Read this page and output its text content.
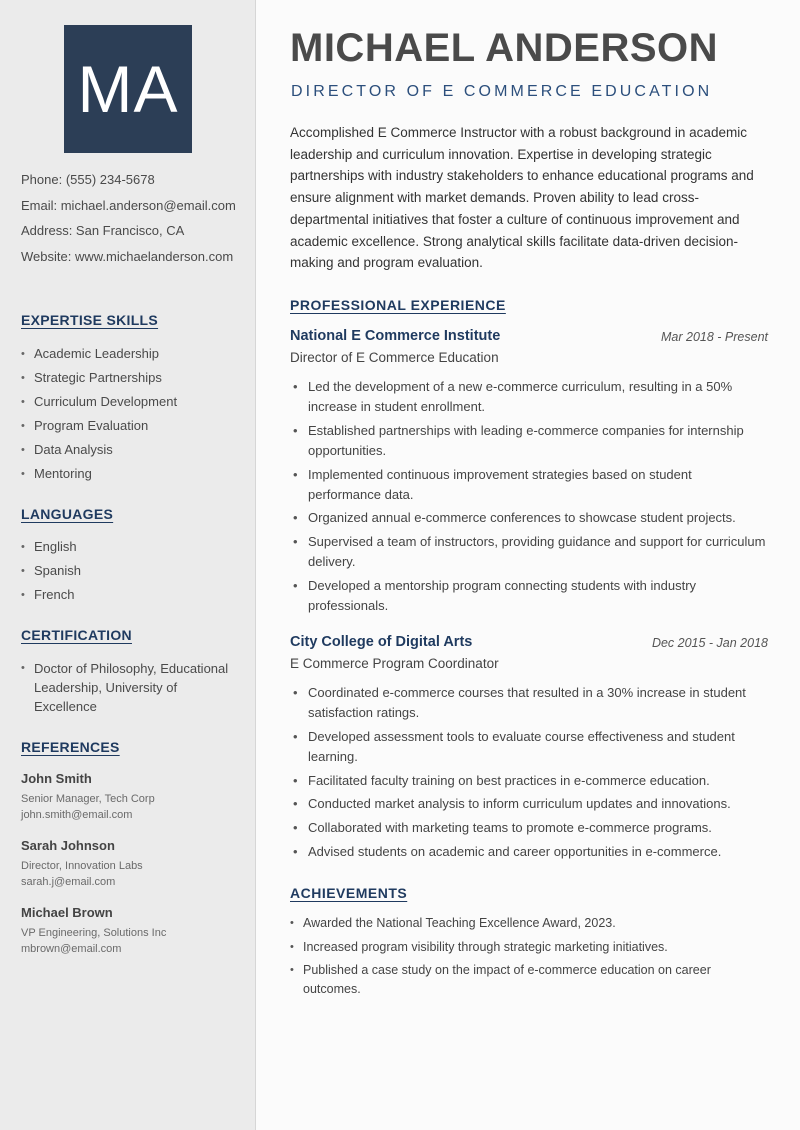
MA
Phone: (555) 234-5678
Email: michael.anderson@email.com
Address: San Francisco, CA
Website: www.michaelanderson.com
EXPERTISE SKILLS
• Academic Leadership
• Strategic Partnerships
• Curriculum Development
• Program Evaluation
• Data Analysis
• Mentoring
LANGUAGES
• English
• Spanish
• French
CERTIFICATION
• Doctor of Philosophy, Educational Leadership, University of Excellence
REFERENCES
John Smith
Senior Manager, Tech Corp
john.smith@email.com
Sarah Johnson
Director, Innovation Labs
sarah.j@email.com
Michael Brown
VP Engineering, Solutions Inc
mbrown@email.com
MICHAEL ANDERSON
DIRECTOR OF E COMMERCE EDUCATION

Accomplished E Commerce Instructor with a robust background in academic leadership and curriculum innovation. Expertise in developing strategic partnerships with industry stakeholders to enhance educational programs and ensure alignment with market demands. Proven ability to lead cross-departmental initiatives that foster a culture of continuous improvement and academic excellence. Strong analytical skills facilitate data-driven decision-making and program evaluation.

PROFESSIONAL EXPERIENCE
National E Commerce Institute	Mar 2018 - Present
Director of E Commerce Education
• Led the development of a new e-commerce curriculum, resulting in a 50% increase in student enrollment.
• Established partnerships with leading e-commerce companies for internship opportunities.
• Implemented continuous improvement strategies based on student performance data.
• Organized annual e-commerce conferences to showcase student projects.
• Supervised a team of instructors, providing guidance and support for curriculum delivery.
• Developed a mentorship program connecting students with industry professionals.
City College of Digital Arts	Dec 2015 - Jan 2018
E Commerce Program Coordinator
• Coordinated e-commerce courses that resulted in a 30% increase in student satisfaction ratings.
• Developed assessment tools to evaluate course effectiveness and student learning.
• Facilitated faculty training on best practices in e-commerce education.
• Conducted market analysis to inform curriculum updates and innovations.
• Collaborated with marketing teams to promote e-commerce programs.
• Advised students on academic and career opportunities in e-commerce.
ACHIEVEMENTS
• Awarded the National Teaching Excellence Award, 2023.
• Increased program visibility through strategic marketing initiatives.
• Published a case study on the impact of e-commerce education on career outcomes.
